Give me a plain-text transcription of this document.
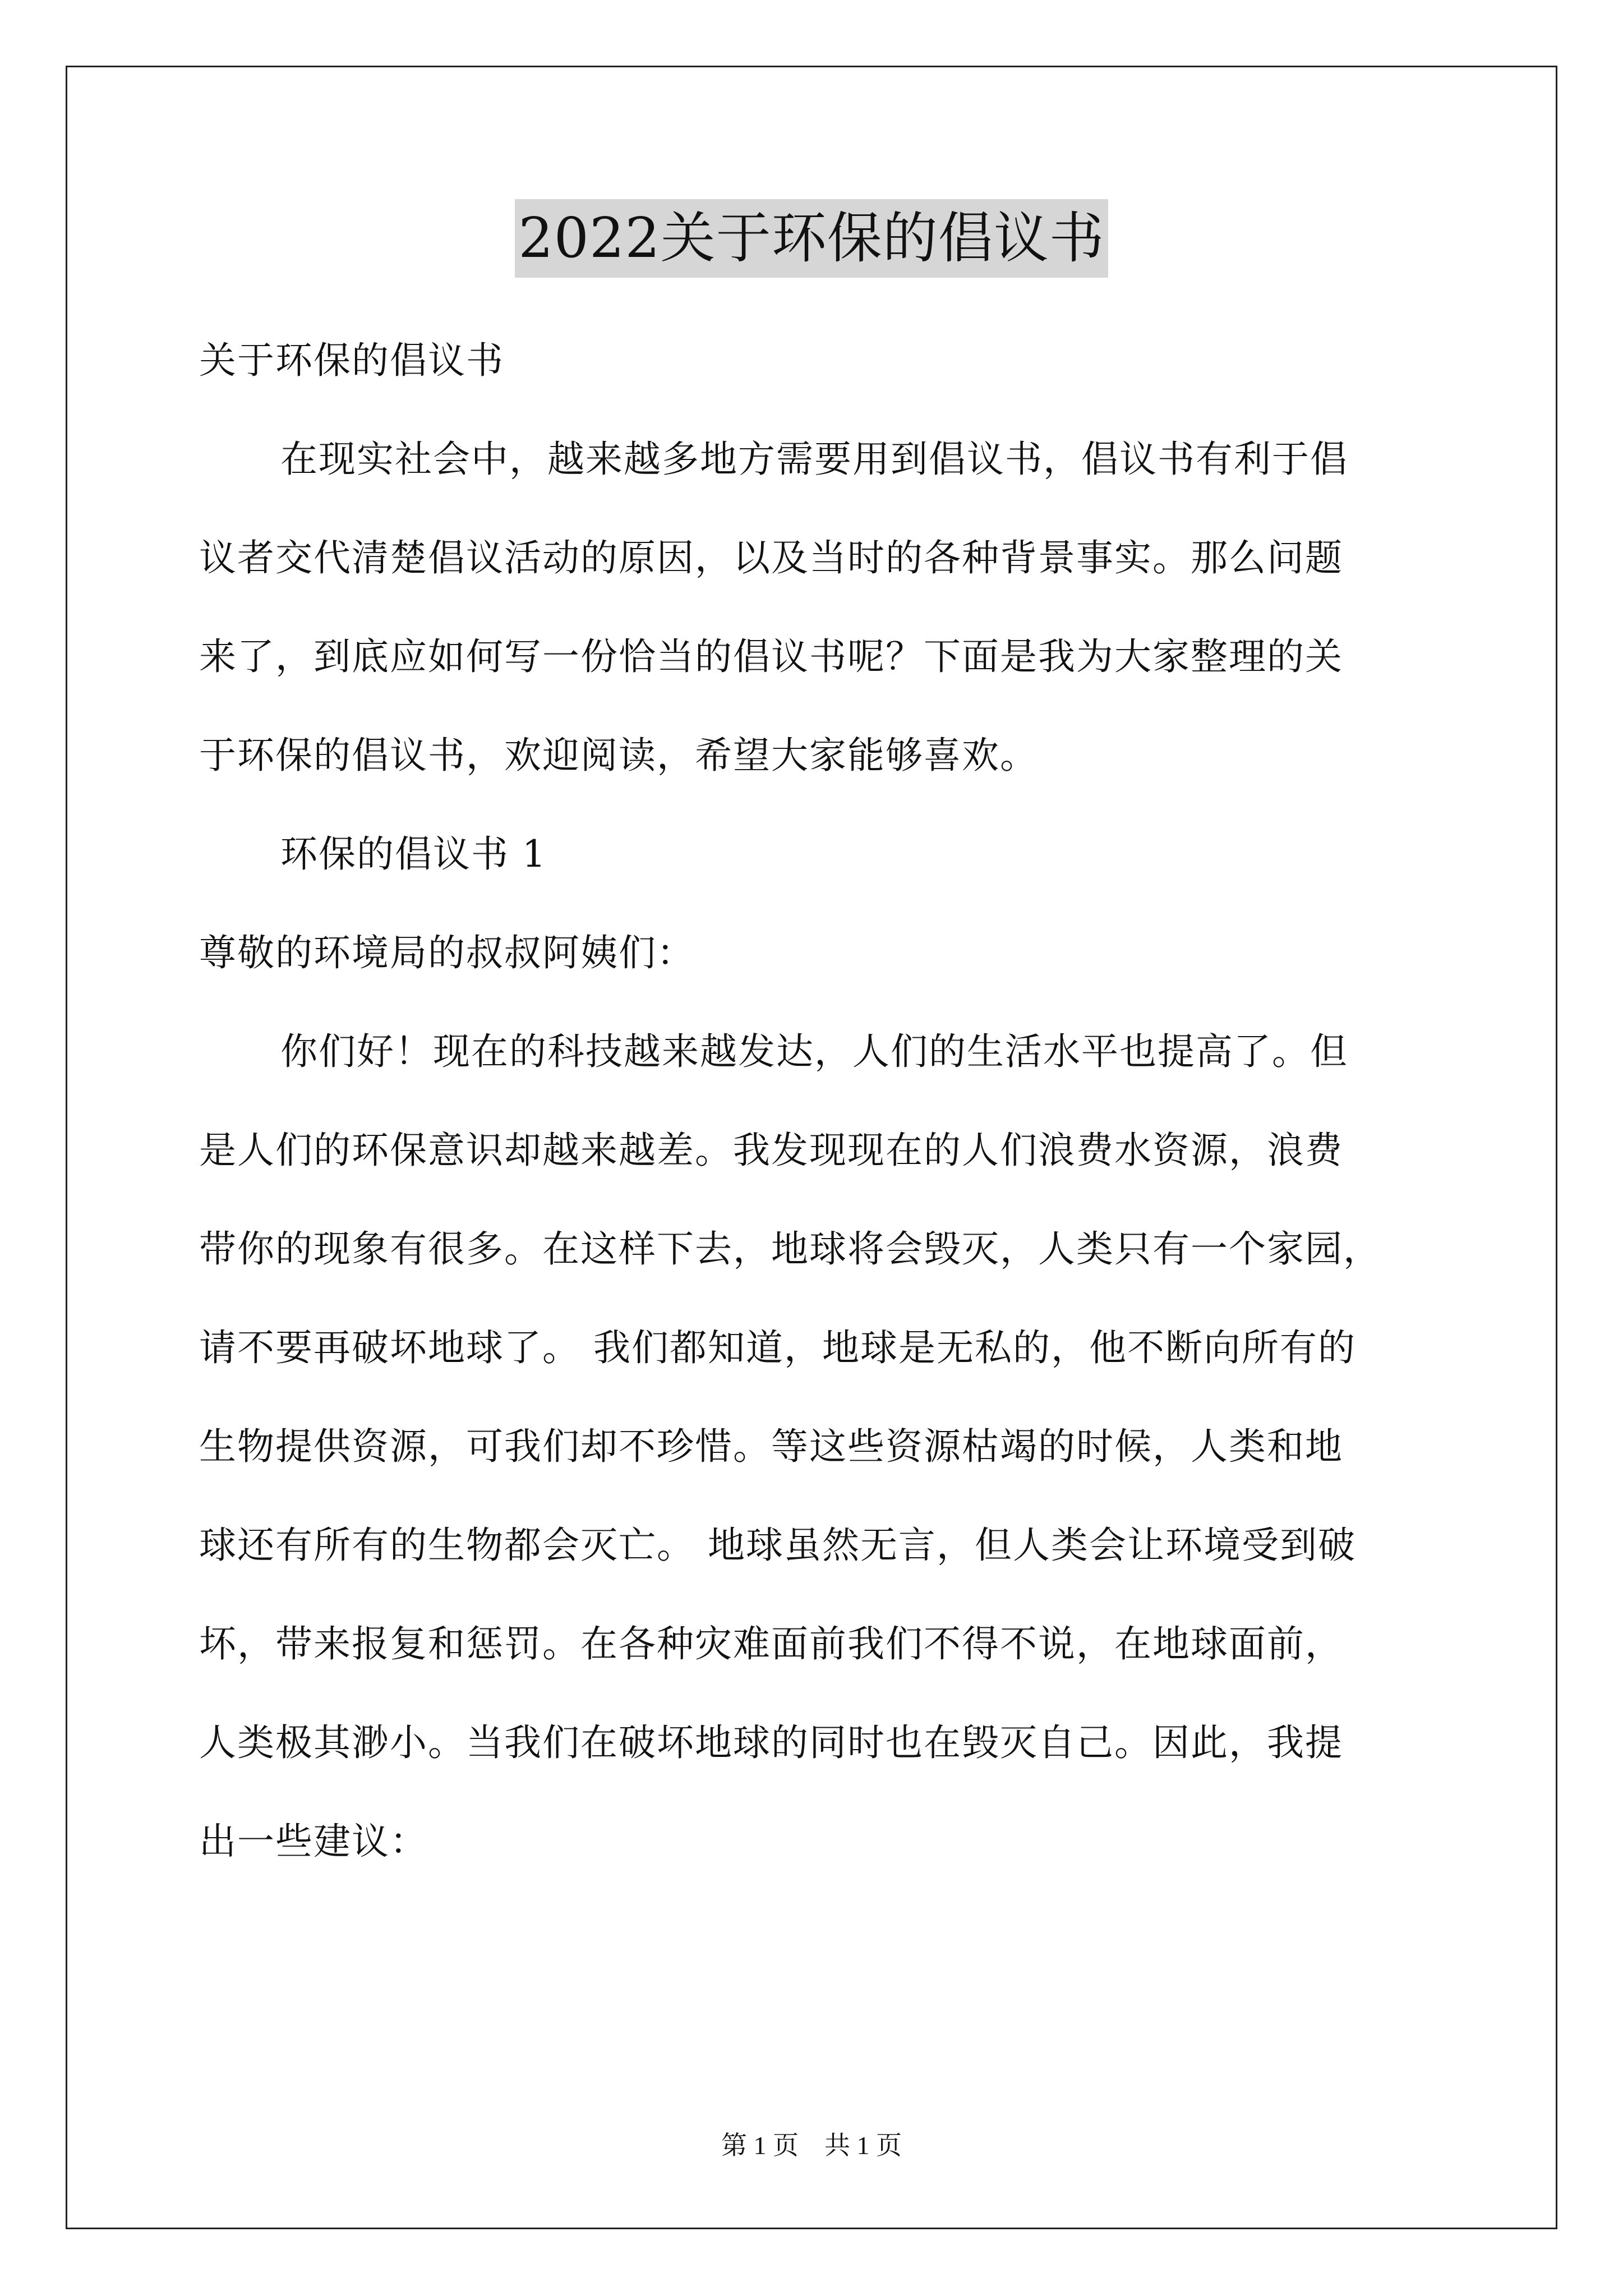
2022关于环保的倡议书
关于环保的倡议书
在现实社会中，越来越多地方需要用到倡议书，倡议书有利于倡
议者交代清楚倡议活动的原因，以及当时的各种背景事实。那么问题
来了，到底应如何写一份恰当的倡议书呢？下面是我为大家整理的关
于环保的倡议书，欢迎阅读，希望大家能够喜欢。
环保的倡议书 1
尊敬的环境局的叔叔阿姨们：
你们好！现在的科技越来越发达，人们的生活水平也提高了。但
是人们的环保意识却越来越差。我发现现在的人们浪费水资源，浪费
带你的现象有很多。在这样下去，地球将会毁灭，人类只有一个家园，
请不要再破坏地球了。 我们都知道，地球是无私的，他不断向所有的
生物提供资源，可我们却不珍惜。等这些资源枯竭的时候，人类和地
球还有所有的生物都会灭亡。 地球虽然无言，但人类会让环境受到破
坏，带来报复和惩罚。在各种灾难面前我们不得不说，在地球面前，
人类极其渺小。当我们在破坏地球的同时也在毁灭自己。因此，我提
出一些建议：
第 1 页　共 1 页
